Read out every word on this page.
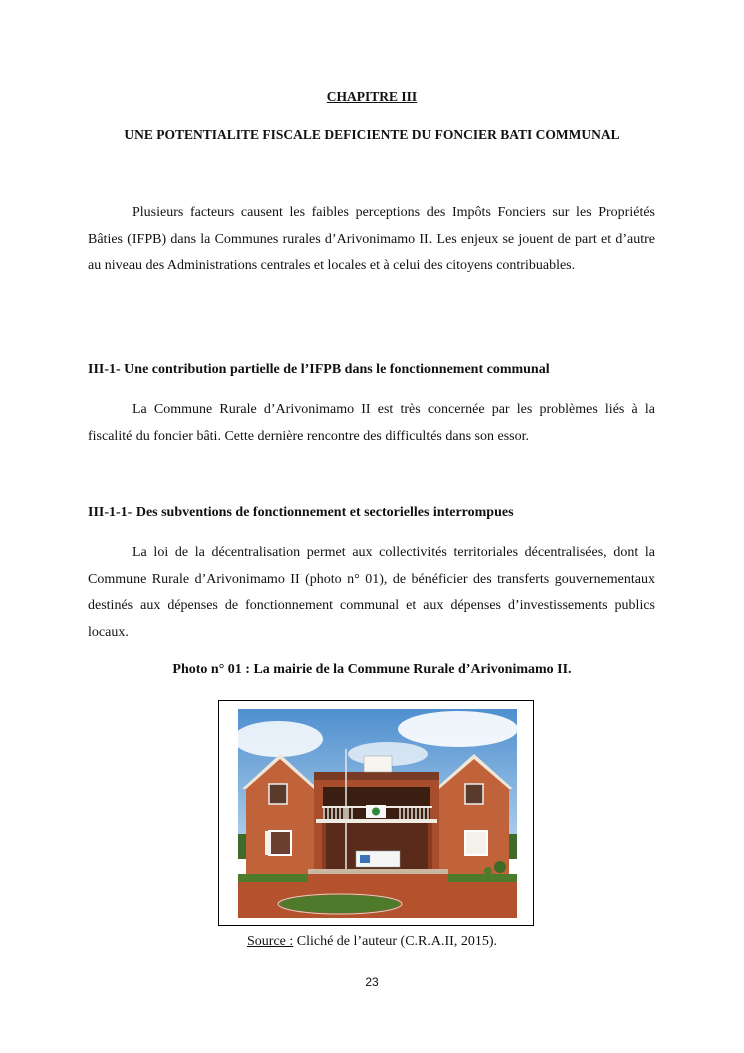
CHAPITRE III
UNE POTENTIALITE FISCALE DEFICIENTE DU FONCIER BATI COMMUNAL

Plusieurs facteurs causent les faibles perceptions des Impôts Fonciers sur les Propriétés Bâties (IFPB) dans la Communes rurales d’Arivonimamo II. Les enjeux se jouent de part et d’autre au niveau des Administrations centrales et locales et à celui des citoyens contribuables.

III-1- Une contribution partielle de l’IFPB dans le fonctionnement communal

La Commune Rurale d’Arivonimamo II est très concernée par les problèmes liés à la fiscalité du foncier bâti. Cette dernière rencontre des difficultés dans son essor.

III-1-1- Des subventions de fonctionnement et sectorielles interrompues

La loi de la décentralisation permet aux collectivités territoriales décentralisées, dont la Commune Rurale d’Arivonimamo II (photo n° 01), de bénéficier des transferts gouvernementaux destinés aux dépenses de fonctionnement communal et aux dépenses d’investissements publics locaux.

Photo n° 01 : La mairie de la Commune Rurale d’Arivonimamo II.
Source : Cliché de l’auteur (C.R.A.II, 2015).
23
